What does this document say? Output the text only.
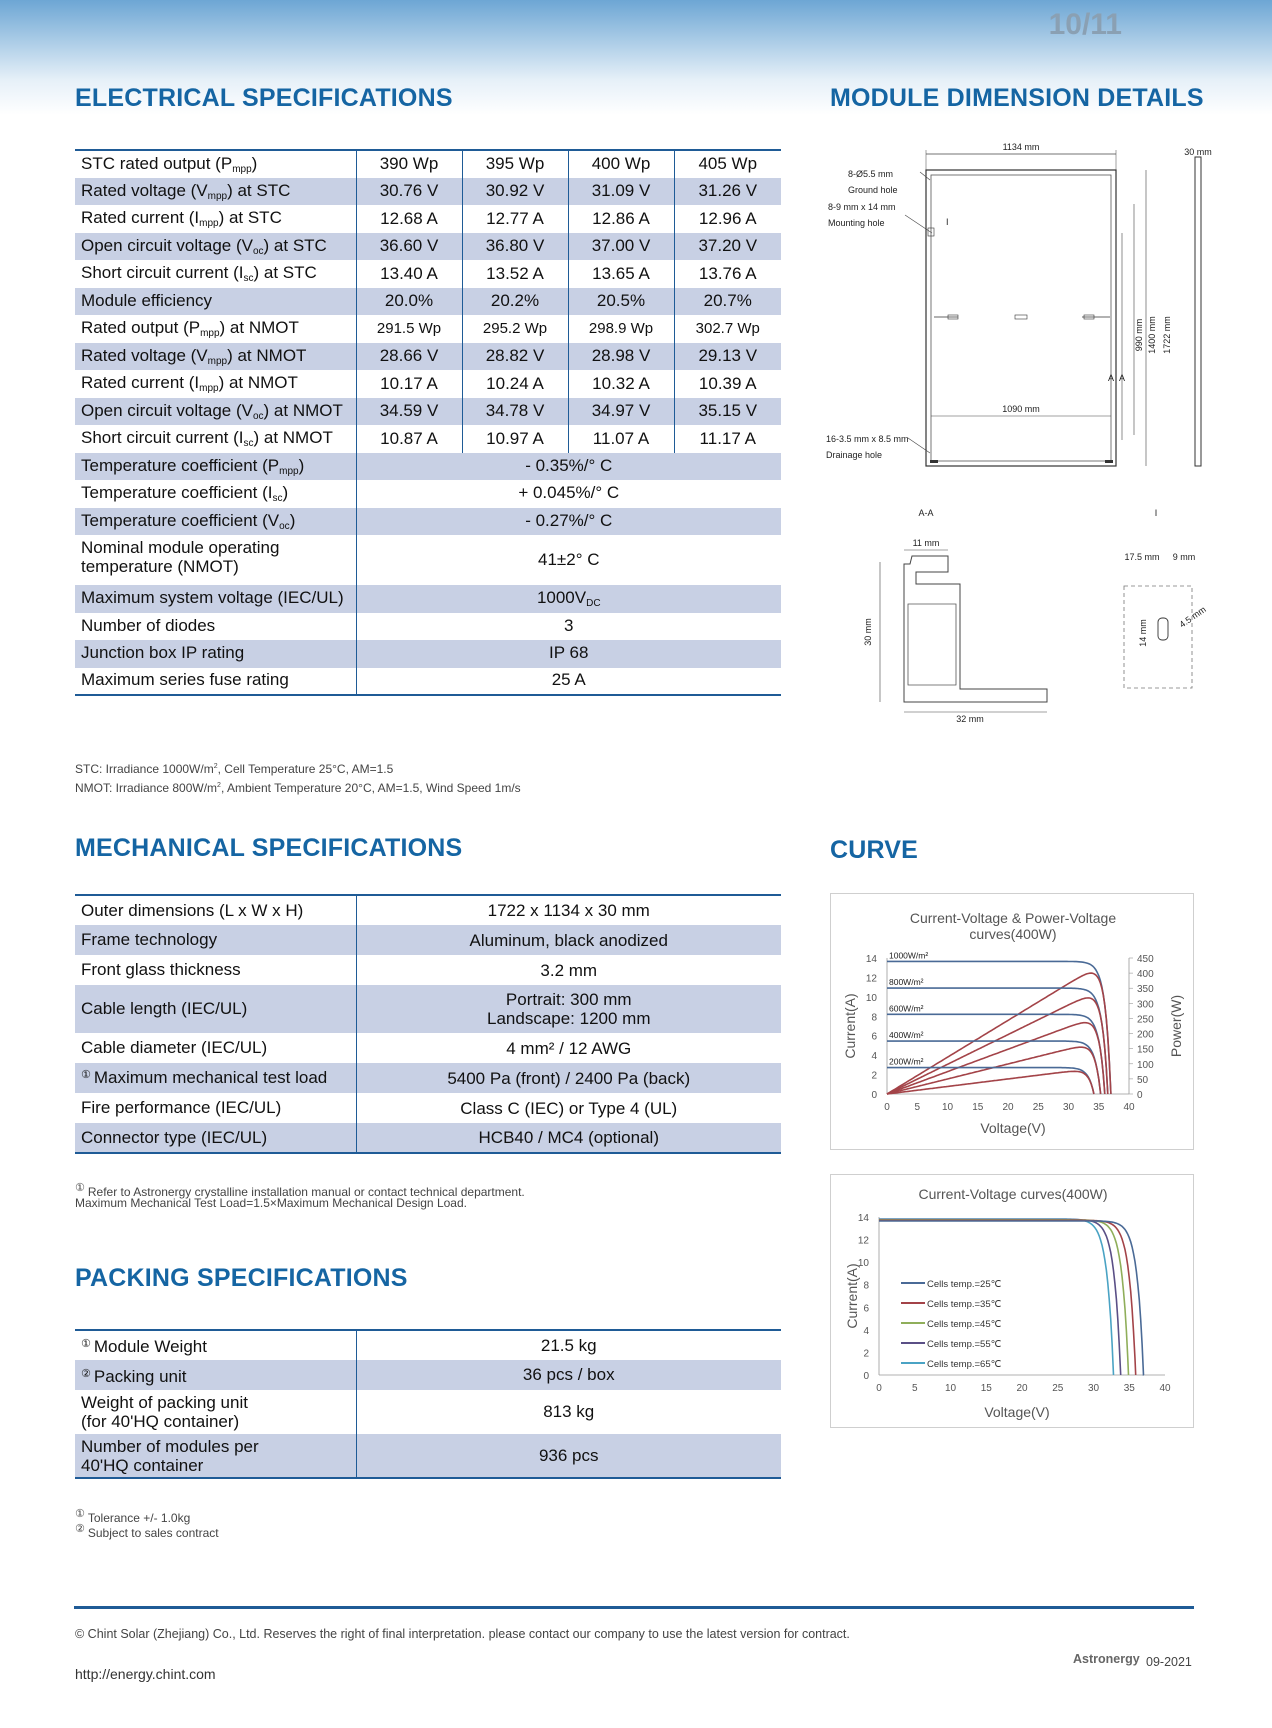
10/11
ELECTRICAL SPECIFICATIONS
STC rated output $(P_{mpp})$	390 Wp	395 Wp	400 Wp	405 Wp
Rated voltage $(V_{mpp})$ at STC	30.76 V	30.92 V	31.09 V	31.26 V
Rated current $(I_{mpp})$ at STC	12.68 A	12.77 A	12.86 A	12.96 A
Open circuit voltage $(V_{oc})$ at STC	36.60 V	36.80 V	37.00 V	37.20 V
Short circuit current $(I_{sc})$ at STC	13.40 A	13.52 A	13.65 A	13.76 A
Module efficiency	20.0%	20.2%	20.5%	20.7%
Rated output $(P_{mpp})$ at NMOT	291.5 Wp	295.2 Wp	298.9 Wp	302.7 Wp
Rated voltage $(V_{mpp})$ at NMOT	28.66 V	28.82 V	28.98 V	29.13 V
Rated current $(I_{mpp})$ at NMOT	10.17 A	10.24 A	10.32 A	10.39 A
Open circuit voltage $(V_{oc})$ at NMOT	34.59 V	34.78 V	34.97 V	35.15 V
Short circuit current $(I_{sc})$ at NMOT	10.87 A	10.97 A	11.07 A	11.17 A
Temperature coefficient $(P_{mpp})$	- 0.35%/° C			
Temperature coefficient $(I_{sc})$	+ 0.045%/° C			
Temperature coefficient $(V_{oc})$	- 0.27%/° C			
Nominal module operating temperature (NMOT)	41±2° C			
Maximum system voltage (IEC/UL)	$1000V_{DC}$
Number of diodes	3			
Junction box IP rating	IP 68			
Maximum series fuse rating	25 A			
STC: Irradiance $1000W/m^2$, Cell Temperature 25°C, AM=1.5
NMOT: Irradiance $800W/m^2$, Ambient Temperature 20°C, AM=1.5, Wind Speed 1m/s
MODULE DIMENSION DETAILS
1134 mm	30 mm
8-Ø5.5 mm
Ground hole
8-9 mm x 14 mm
Mounting hole	I
990 mm 1400 mm 1722 mm
A A
1090 mm
16-3.5 mm x 8.5 mm
Drainage hole
A-A	I
11 mm
30 mm
32 mm
17.5 mm 9 mm
14 mm
4.5 mm
MECHANICAL SPECIFICATIONS
Outer dimensions (L x W x H)	1722 x 1134 x 30 mm

Frame technology	Aluminum, black anodized

Front glass thickness	3.2 mm

Cable length (IEC/UL)	Portrait: 300 mm
Landscape: 1200 mm

Cable diameter (IEC/UL)	4 mm² / 12 AWG

① Maximum mechanical test load	5400 Pa (front) / 2400 Pa (back)

Fire performance (IEC/UL)	Class C (IEC) or Type 4 (UL)

Connector type (IEC/UL)	HCB40 / MC4 (optional)
① Refer to Astronergy crystalline installation manual or contact technical department.
Maximum Mechanical Test Load=1.5×Maximum Mechanical Design Load.
PACKING SPECIFICATIONS
① Module Weight	21.5 kg

② Packing unit	36 pcs / box

Weight of packing unit
(for 40'HQ container)	813 kg

Number of modules per
40'HQ container	936 pcs
① Tolerance +/- 1.0kg
② Subject to sales contract
CURVE
Current-Voltage & Power-Voltage
curves(400W)
0 5 10 15 20 25 30 35 40
0
2
4
6
8
10
12
14
0
50
100
150
200
250
300
350
400
450
Voltage(V)
Current(A)	Power(W)
1000W/m²
800W/m²
600W/m²
400W/m²
200W/m²
Current-Voltage curves(400W)
0	5	10 15 20 25 30 35 40
0
2
4
6
8
10
12
14
Voltage(V)
Current(A)	Cells temp.=25℃
Cells temp.=35℃
Cells temp.=45℃
Cells temp.=55℃
Cells temp.=65℃
© Chint Solar (Zhejiang) Co., Ltd. Reserves the right of final interpretation. please contact our company to use the latest version for contract.
Astronergy 09-2021
http://energy.chint.com
